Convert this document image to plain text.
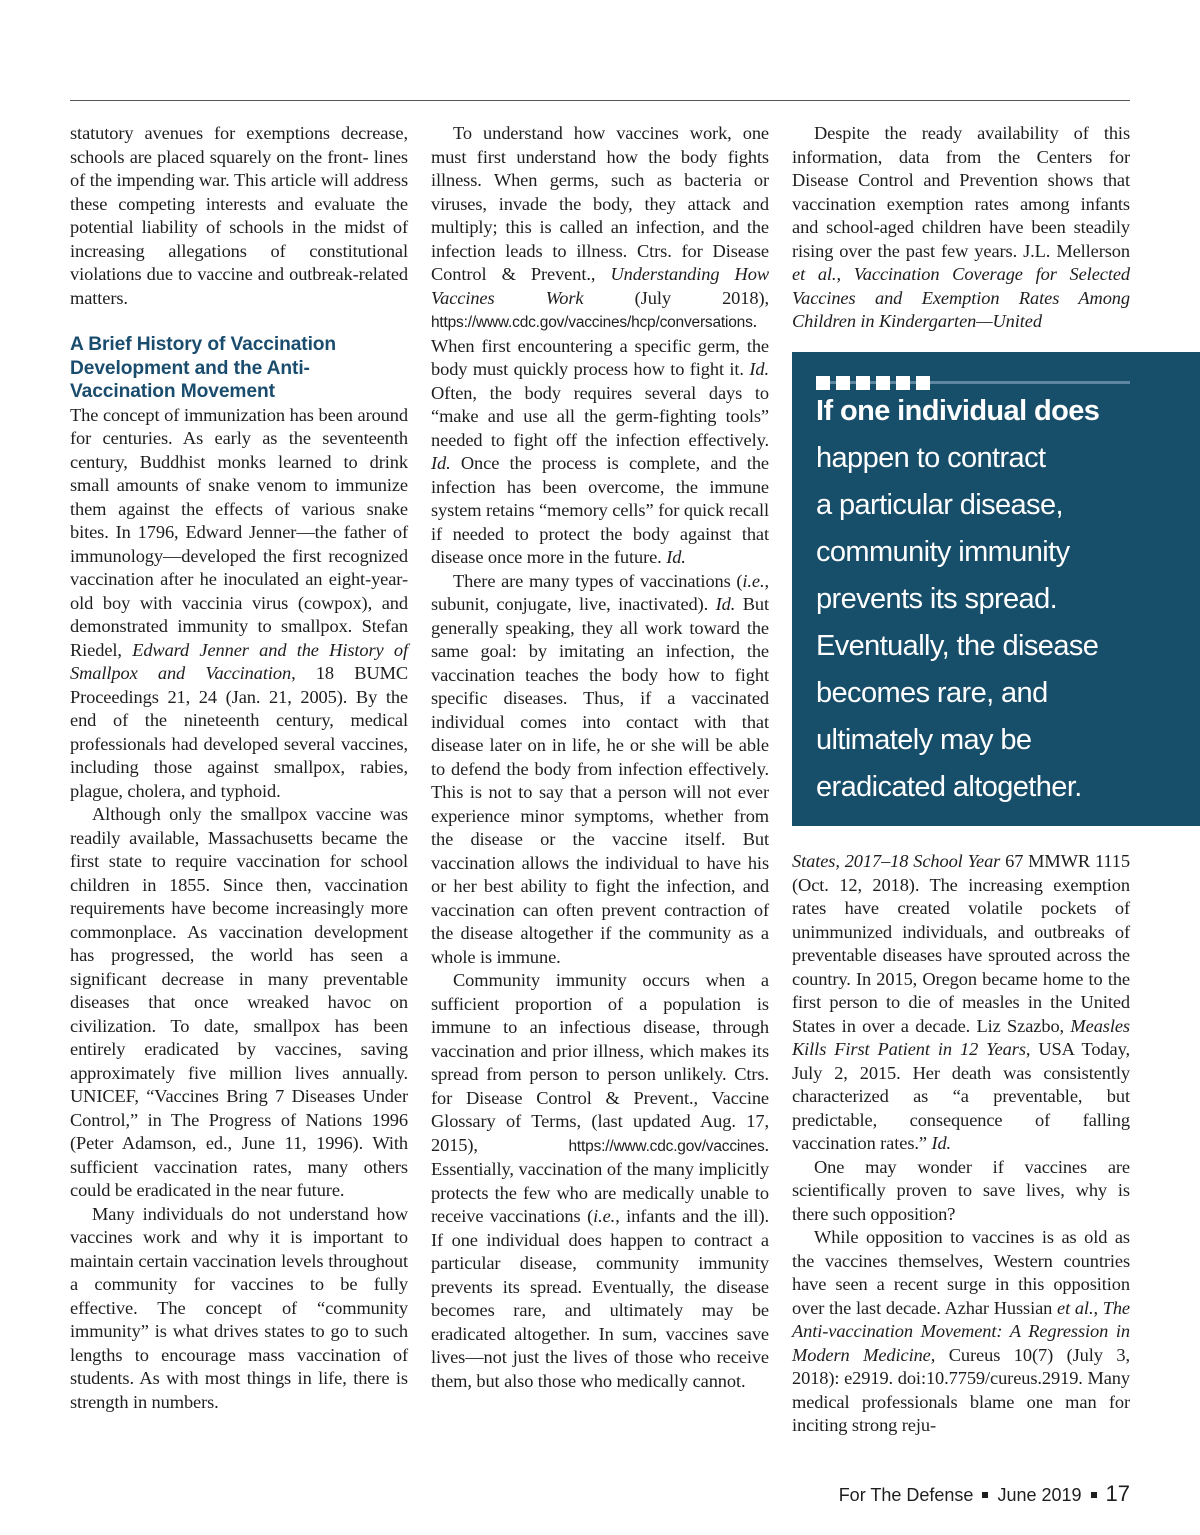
statutory avenues for exemptions decrease, schools are placed squarely on the front- lines of the impending war. This article will address these competing interests and evaluate the potential liability of schools in the midst of increasing allegations of constitutional violations due to vaccine and outbreak-related matters.

A Brief History of Vaccination Development and the Anti-Vaccination Movement

The concept of immunization has been around for centuries. As early as the seventeenth century, Buddhist monks learned to drink small amounts of snake venom to immunize them against the effects of various snake bites. In 1796, Edward Jenner—the father of immunology—developed the first recognized vaccination after he inoculated an eight-year-old boy with vaccinia virus (cowpox), and demonstrated immunity to smallpox. Stefan Riedel, Edward Jenner and the History of Smallpox and Vaccination, 18 BUMC Proceedings 21, 24 (Jan. 21, 2005). By the end of the nineteenth century, medical professionals had developed several vaccines, including those against smallpox, rabies, plague, cholera, and typhoid.

Although only the smallpox vaccine was readily available, Massachusetts became the first state to require vaccination for school children in 1855. Since then, vaccination requirements have become increasingly more commonplace. As vaccination development has progressed, the world has seen a significant decrease in many preventable diseases that once wreaked havoc on civilization. To date, smallpox has been entirely eradicated by vaccines, saving approximately five million lives annually. UNICEF, “Vaccines Bring 7 Diseases Under Control,” in The Progress of Nations 1996 (Peter Adamson, ed., June 11, 1996). With sufficient vaccination rates, many others could be eradicated in the near future.

Many individuals do not understand how vaccines work and why it is important to maintain certain vaccination levels throughout a community for vaccines to be fully effective. The concept of “community immunity” is what drives states to go to such lengths to encourage mass vaccination of students. As with most things in life, there is strength in numbers.

To understand how vaccines work, one must first understand how the body fights illness. When germs, such as bacteria or viruses, invade the body, they attack and multiply; this is called an infection, and the infection leads to illness. Ctrs. for Disease Control & Prevent., Understanding How Vaccines Work	(July 2018), https://www.cdc.gov/vaccines/hcp/conversations. When first encountering a specific germ, the body must quickly process how to fight it. Id. Often, the body requires several days to “make and use all the germ-fighting tools” needed to fight off the infection effectively. Id. Once the process is complete, and the infection has been overcome, the immune system retains “memory cells” for quick recall if needed to protect the body against that disease once more in the future. Id.

There are many types of vaccinations (i.e., subunit, conjugate, live, inactivated). Id. But generally speaking, they all work toward the same goal: by imitating an infection, the vaccination teaches the body how to fight specific diseases. Thus, if a vaccinated individual comes into contact with that disease later on in life, he or she will be able to defend the body from infection effectively. This is not to say that a person will not ever experience minor symptoms, whether from the disease or the vaccine itself. But vaccination allows the individual to have his or her best ability to fight the infection, and vaccination can often prevent contraction of the disease altogether if the community as a whole is immune.

Community immunity occurs when a sufficient proportion of a population is immune to an infectious disease, through vaccination and prior illness, which makes its spread from person to person unlikely. Ctrs. for Disease Control & Prevent., Vaccine Glossary of Terms, (last updated Aug. 17, 2015),	https://www.cdc.gov/vaccines. Essentially, vaccination of the many implicitly protects the few who are medically unable to receive vaccinations (i.e., infants and the ill). If one individual does happen to contract a particular disease, community immunity prevents its spread. Eventually, the disease becomes rare, and ultimately may be eradicated altogether. In sum, vaccines save lives—not just the lives of those who receive them, but also those who medically cannot.

Despite the ready availability of this information, data from the Centers for Disease Control and Prevention shows that vaccination exemption rates among infants and school-aged children have been steadily rising over the past few years. J.L. Mellerson et al., Vaccination Coverage for Selected Vaccines and Exemption Rates Among Children in Kindergarten—United

If one individual does
happen to contract
a particular disease,
community immunity
prevents its spread.
Eventually, the disease
becomes rare, and
ultimately may be
eradicated altogether.

States, 2017–18 School Year 67 MMWR 1115 (Oct. 12, 2018). The increasing exemption rates have created volatile pockets of unimmunized individuals, and outbreaks of preventable diseases have sprouted across the country. In 2015, Oregon became home to the first person to die of measles in the United States in over a decade. Liz Szazbo, Measles Kills First Patient in 12 Years, USA Today, July 2, 2015. Her death was consistently characterized as “a preventable, but predictable, consequence of falling vaccination rates.” Id.

One may wonder if vaccines are scientifically proven to save lives, why is there such opposition?

While opposition to vaccines is as old as the vaccines themselves, Western countries have seen a recent surge in this opposition over the last decade. Azhar Hussian et al., The Anti-vaccination Movement: A Regression in Modern Medicine, Cureus 10(7) (July 3, 2018): e2919. doi:10.7759/cureus.2919. Many medical professionals blame one man for inciting strong reju-

For The Defense June 2019 17
